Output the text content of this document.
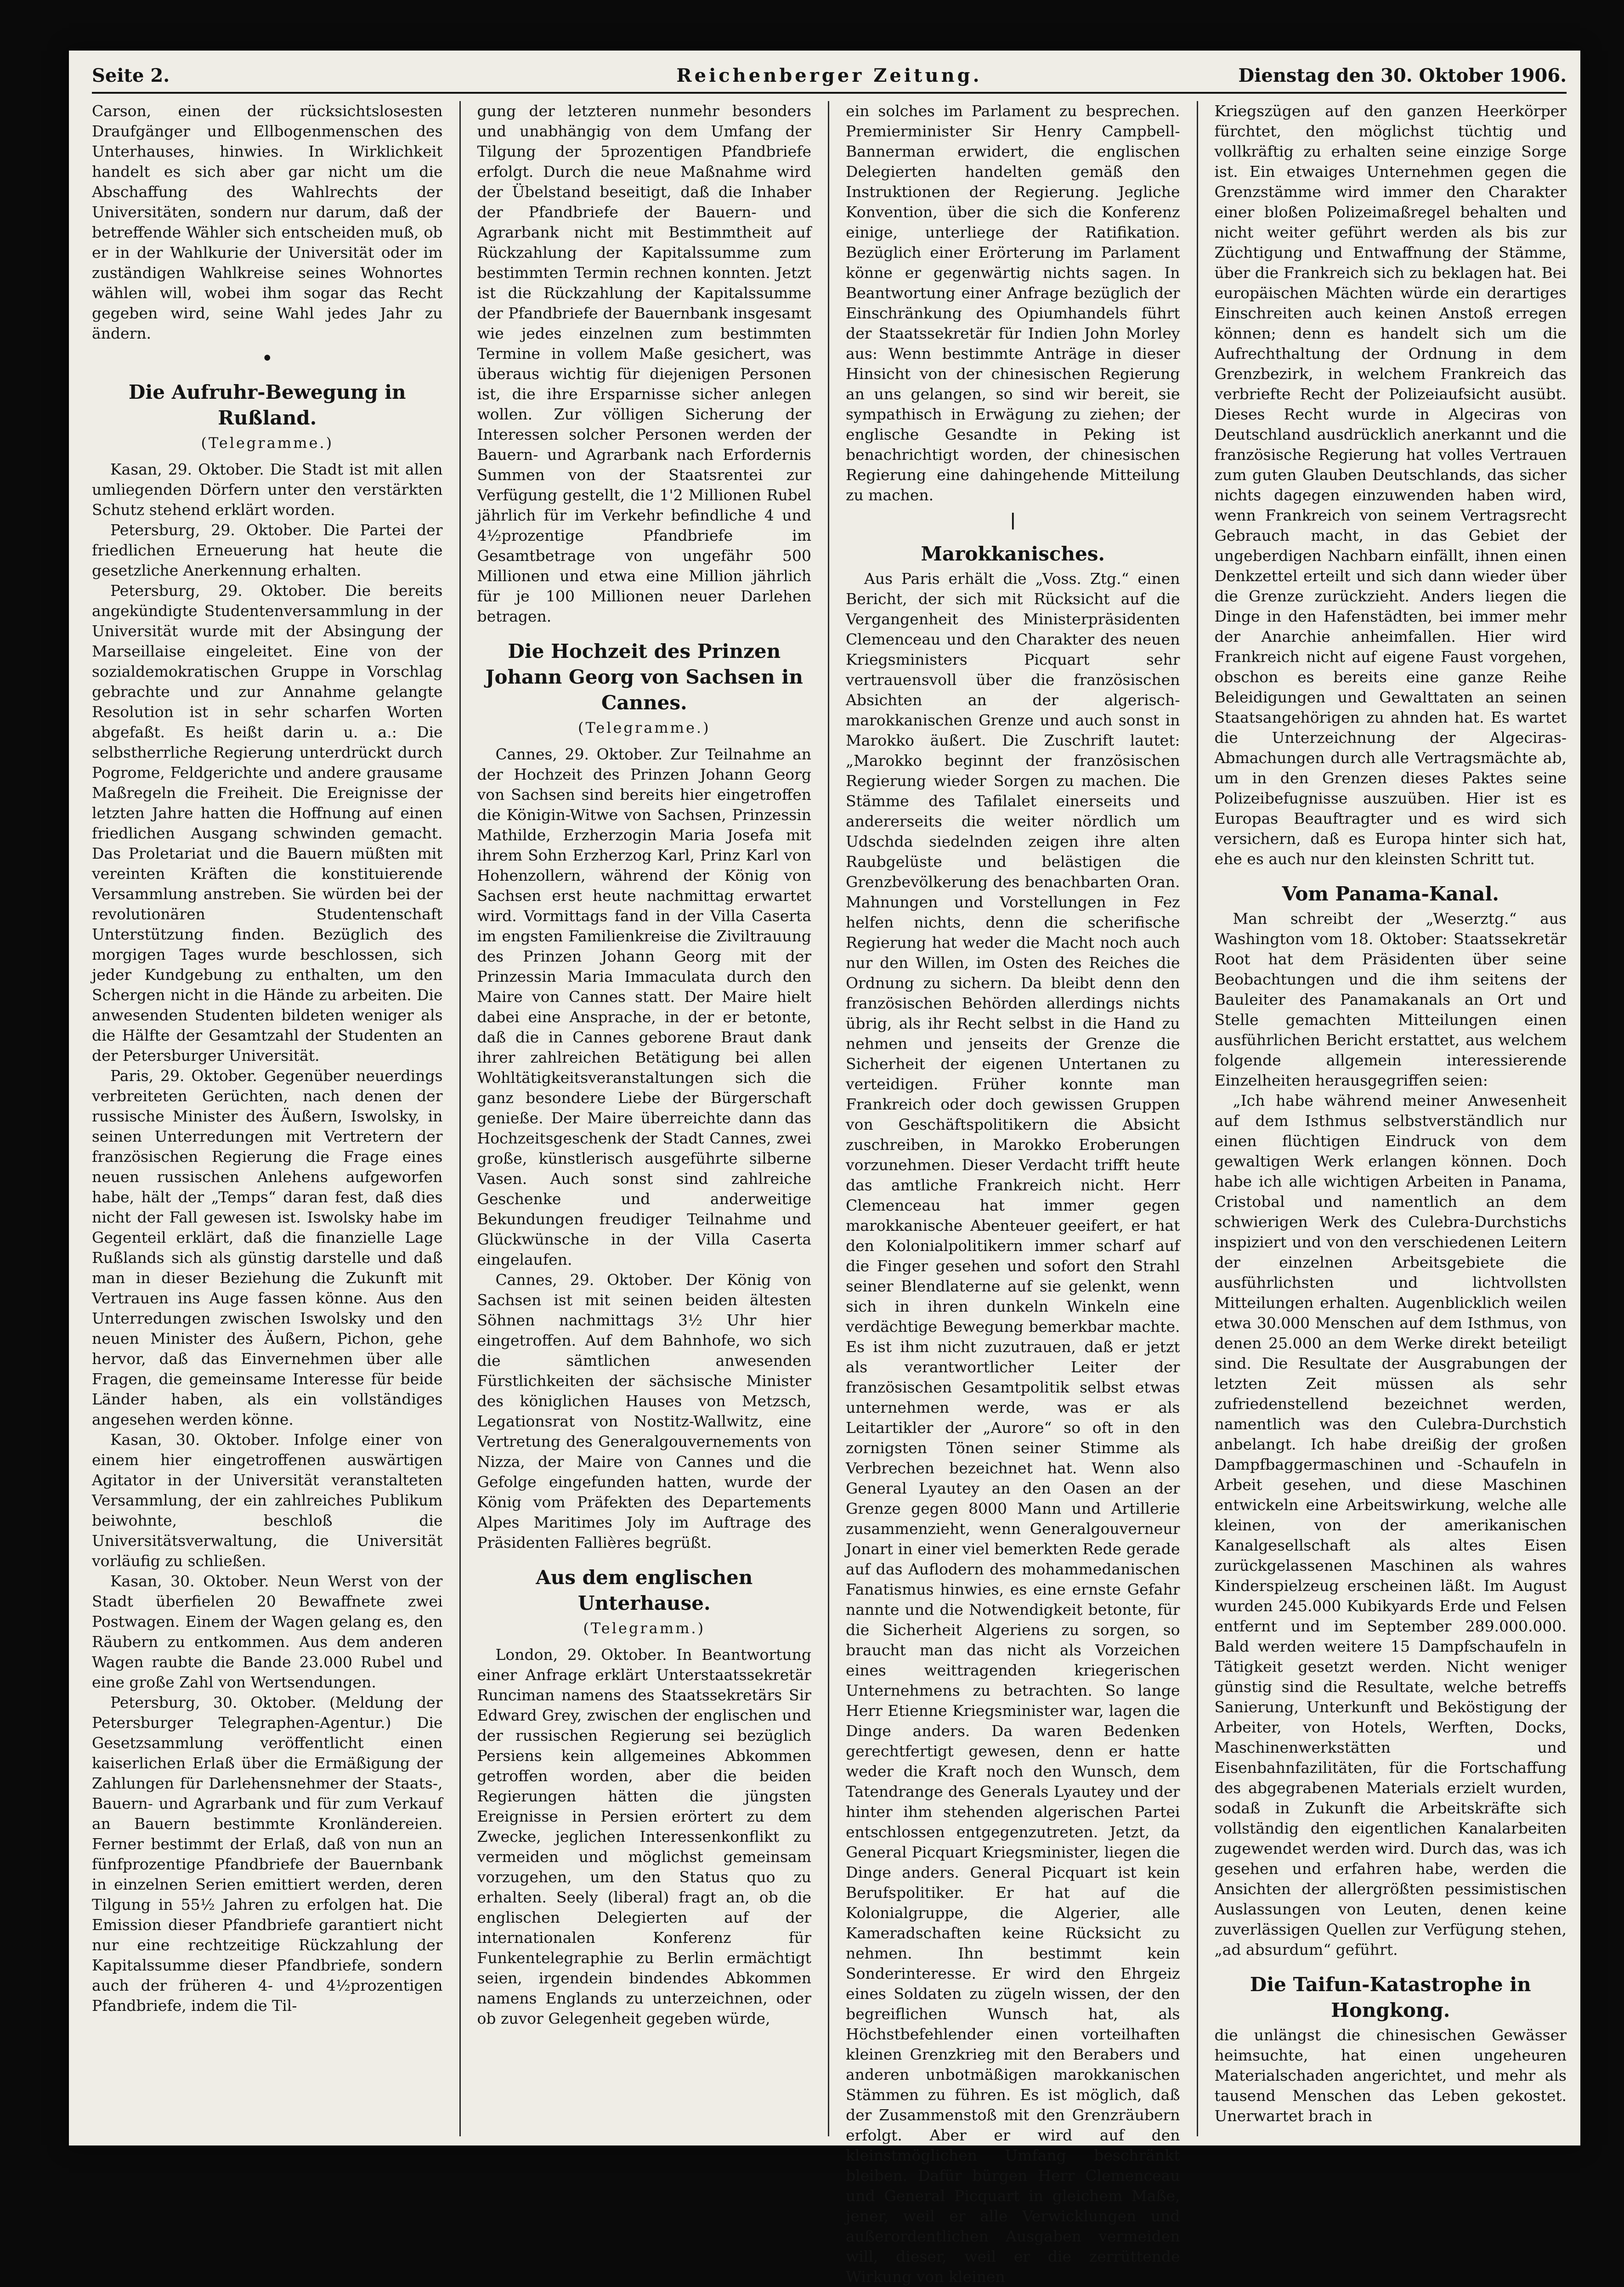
Seite 2.	Reichenberger Zeitung.	Dienstag den 30. Oktober 1906.

Carson, einen der rücksichtslosesten Draufgänger und Ellbogenmenschen des Unterhauses, hinwies. In Wirklichkeit handelt es sich aber gar nicht um die Abschaffung des Wahlrechts der Universitäten, sondern nur darum, daß der betreffende Wähler sich entscheiden muß, ob er in der Wahlkurie der Universität oder im zuständigen Wahlkreise seines Wohnortes wählen will, wobei ihm sogar das Recht gegeben wird, seine Wahl jedes Jahr zu ändern.

•
Die Aufruhr-Bewegung in Rußland.
(Telegramme.)

Kasan, 29. Oktober. Die Stadt ist mit allen umliegenden Dörfern unter den verstärkten Schutz stehend erklärt worden.

Petersburg, 29. Oktober. Die Partei der friedlichen Erneuerung hat heute die gesetzliche Anerkennung erhalten.

Petersburg, 29. Oktober. Die bereits angekündigte Studentenversammlung in der Universität wurde mit der Absingung der Marseillaise eingeleitet. Eine von der sozialdemokratischen Gruppe in Vorschlag gebrachte und zur Annahme gelangte Resolution ist in sehr scharfen Worten abgefaßt. Es heißt darin u. a.: Die selbstherrliche Regierung unterdrückt durch Pogrome, Feldgerichte und andere grausame Maßregeln die Freiheit. Die Ereignisse der letzten Jahre hatten die Hoffnung auf einen friedlichen Ausgang schwinden gemacht. Das Proletariat und die Bauern müßten mit vereinten Kräften die konstituierende Versammlung anstreben. Sie würden bei der revolutionären Studentenschaft Unterstützung finden. Bezüglich des morgigen Tages wurde beschlossen, sich jeder Kundgebung zu enthalten, um den Schergen nicht in die Hände zu arbeiten. Die anwesenden Studenten bildeten weniger als die Hälfte der Gesamtzahl der Studenten an der Petersburger Universität.

Paris, 29. Oktober. Gegenüber neuerdings verbreiteten Gerüchten, nach denen der russische Minister des Äußern, Iswolsky, in seinen Unterredungen mit Vertretern der französischen Regierung die Frage eines neuen russischen Anlehens aufgeworfen habe, hält der „Temps“ daran fest, daß dies nicht der Fall gewesen ist. Iswolsky habe im Gegenteil erklärt, daß die finanzielle Lage Rußlands sich als günstig darstelle und daß man in dieser Beziehung die Zukunft mit Vertrauen ins Auge fassen könne. Aus den Unterredungen zwischen Iswolsky und den neuen Minister des Äußern, Pichon, gehe hervor, daß das Einvernehmen über alle Fragen, die gemeinsame Interesse für beide Länder haben, als ein vollständiges angesehen werden könne.

Kasan, 30. Oktober. Infolge einer von einem hier eingetroffenen auswärtigen Agitator in der Universität veranstalteten Versammlung, der ein zahlreiches Publikum beiwohnte, beschloß die Universitätsverwaltung, die Universität vorläufig zu schließen.

Kasan, 30. Oktober. Neun Werst von der Stadt überfielen 20 Bewaffnete zwei Postwagen. Einem der Wagen gelang es, den Räubern zu entkommen. Aus dem anderen Wagen raubte die Bande 23.000 Rubel und eine große Zahl von Wertsendungen.

Petersburg, 30. Oktober. (Meldung der Petersburger Telegraphen-Agentur.) Die Gesetzsammlung veröffentlicht einen kaiserlichen Erlaß über die Ermäßigung der Zahlungen für Darlehensnehmer der Staats-, Bauern- und Agrarbank und für zum Verkauf an Bauern bestimmte Kronländereien. Ferner bestimmt der Erlaß, daß von nun an fünfprozentige Pfandbriefe der Bauernbank in einzelnen Serien emittiert werden, deren Tilgung in 55½ Jahren zu erfolgen hat. Die Emission dieser Pfandbriefe garantiert nicht nur eine rechtzeitige Rückzahlung der Kapitalssumme dieser Pfandbriefe, sondern auch der früheren 4- und 4½prozentigen Pfandbriefe, indem die Til-

gung der letzteren nunmehr besonders und unabhängig von dem Umfang der Tilgung der 5prozentigen Pfandbriefe erfolgt. Durch die neue Maßnahme wird der Übelstand beseitigt, daß die Inhaber der Pfandbriefe der Bauern- und Agrarbank nicht mit Bestimmtheit auf Rückzahlung der Kapitalssumme zum bestimmten Termin rechnen konnten. Jetzt ist die Rückzahlung der Kapitalssumme der Pfandbriefe der Bauernbank insgesamt wie jedes einzelnen zum bestimmten Termine in vollem Maße gesichert, was überaus wichtig für diejenigen Personen ist, die ihre Ersparnisse sicher anlegen wollen. Zur völligen Sicherung der Interessen solcher Personen werden der Bauern- und Agrarbank nach Erfordernis Summen von der Staatsrentei zur Verfügung gestellt, die 1'2 Millionen Rubel jährlich für im Verkehr befindliche 4 und 4½prozentige Pfandbriefe im Gesamtbetrage von ungefähr 500 Millionen und etwa eine Million jährlich für je 100 Millionen neuer Darlehen betragen.

Die Hochzeit des Prinzen Johann Georg von Sachsen in Cannes.
(Telegramme.)

Cannes, 29. Oktober. Zur Teilnahme an der Hochzeit des Prinzen Johann Georg von Sachsen sind bereits hier eingetroffen die Königin-Witwe von Sachsen, Prinzessin Mathilde, Erzherzogin Maria Josefa mit ihrem Sohn Erzherzog Karl, Prinz Karl von Hohenzollern, während der König von Sachsen erst heute nachmittag erwartet wird. Vormittags fand in der Villa Caserta im engsten Familienkreise die Ziviltrauung des Prinzen Johann Georg mit der Prinzessin Maria Immaculata durch den Maire von Cannes statt. Der Maire hielt dabei eine Ansprache, in der er betonte, daß die in Cannes geborene Braut dank ihrer zahlreichen Betätigung bei allen Wohltätigkeitsveranstaltungen sich die ganz besondere Liebe der Bürgerschaft genieße. Der Maire überreichte dann das Hochzeitsgeschenk der Stadt Cannes, zwei große, künstlerisch ausgeführte silberne Vasen. Auch sonst sind zahlreiche Geschenke und anderweitige Bekundungen freudiger Teilnahme und Glückwünsche in der Villa Caserta eingelaufen.

Cannes, 29. Oktober. Der König von Sachsen ist mit seinen beiden ältesten Söhnen nachmittags 3½ Uhr hier eingetroffen. Auf dem Bahnhofe, wo sich die sämtlichen anwesenden Fürstlichkeiten der sächsische Minister des königlichen Hauses von Metzsch, Legationsrat von Nostitz-Wallwitz, eine Vertretung des Generalgouvernements von Nizza, der Maire von Cannes und die Gefolge eingefunden hatten, wurde der König vom Präfekten des Departements Alpes Maritimes Joly im Auftrage des Präsidenten Fallières begrüßt.

Aus dem englischen Unterhause.
(Telegramm.)

London, 29. Oktober. In Beantwortung einer Anfrage erklärt Unterstaatssekretär Runciman namens des Staatssekretärs Sir Edward Grey, zwischen der englischen und der russischen Regierung sei bezüglich Persiens kein allgemeines Abkommen getroffen worden, aber die beiden Regierungen hätten die jüngsten Ereignisse in Persien erörtert zu dem Zwecke, jeglichen Interessenkonflikt zu vermeiden und möglichst gemeinsam vorzugehen, um den Status quo zu erhalten. Seely (liberal) fragt an, ob die englischen Delegierten auf der internationalen Konferenz für Funkentelegraphie zu Berlin ermächtigt seien, irgendein bindendes Abkommen namens Englands zu unterzeichnen, oder ob zuvor Gelegenheit gegeben würde,

ein solches im Parlament zu besprechen. Premierminister Sir Henry Campbell-Bannerman erwidert, die englischen Delegierten handelten gemäß den Instruktionen der Regierung. Jegliche Konvention, über die sich die Konferenz einige, unterliege der Ratifikation. Bezüglich einer Erörterung im Parlament könne er gegenwärtig nichts sagen. In Beantwortung einer Anfrage bezüglich der Einschränkung des Opiumhandels führt der Staatssekretär für Indien John Morley aus: Wenn bestimmte Anträge in dieser Hinsicht von der chinesischen Regierung an uns gelangen, so sind wir bereit, sie sympathisch in Erwägung zu ziehen; der englische Gesandte in Peking ist benachrichtigt worden, der chinesischen Regierung eine dahingehende Mitteilung zu machen.

|
Marokkanisches.

Aus Paris erhält die „Voss. Ztg.“ einen Bericht, der sich mit Rücksicht auf die Vergangenheit des Ministerpräsidenten Clemenceau und den Charakter des neuen Kriegsministers Picquart sehr vertrauensvoll über die französischen Absichten an der algerisch-marokkanischen Grenze und auch sonst in Marokko äußert. Die Zuschrift lautet: „Marokko beginnt der französischen Regierung wieder Sorgen zu machen. Die Stämme des Tafilalet einerseits und andererseits die weiter nördlich um Udschda siedelnden zeigen ihre alten Raubgelüste und belästigen die Grenzbevölkerung des benachbarten Oran. Mahnungen und Vorstellungen in Fez helfen nichts, denn die scherifische Regierung hat weder die Macht noch auch nur den Willen, im Osten des Reiches die Ordnung zu sichern. Da bleibt denn den französischen Behörden allerdings nichts übrig, als ihr Recht selbst in die Hand zu nehmen und jenseits der Grenze die Sicherheit der eigenen Untertanen zu verteidigen. Früher konnte man Frankreich oder doch gewissen Gruppen von Geschäftspolitikern die Absicht zuschreiben, in Marokko Eroberungen vorzunehmen. Dieser Verdacht trifft heute das amtliche Frankreich nicht. Herr Clemenceau hat immer gegen marokkanische Abenteuer geeifert, er hat den Kolonialpolitikern immer scharf auf die Finger gesehen und sofort den Strahl seiner Blendlaterne auf sie gelenkt, wenn sich in ihren dunkeln Winkeln eine verdächtige Bewegung bemerkbar machte. Es ist ihm nicht zuzutrauen, daß er jetzt als verantwortlicher Leiter der französischen Gesamtpolitik selbst etwas unternehmen werde, was er als Leitartikler der „Aurore“ so oft in den zornigsten Tönen seiner Stimme als Verbrechen bezeichnet hat. Wenn also General Lyautey an den Oasen an der Grenze gegen 8000 Mann und Artillerie zusammenzieht, wenn Generalgouverneur Jonart in einer viel bemerkten Rede gerade auf das Auflodern des mohammedanischen Fanatismus hinwies, es eine ernste Gefahr nannte und die Notwendigkeit betonte, für die Sicherheit Algeriens zu sorgen, so braucht man das nicht als Vorzeichen eines weittragenden kriegerischen Unternehmens zu betrachten. So lange Herr Etienne Kriegsminister war, lagen die Dinge anders. Da waren Bedenken gerechtfertigt gewesen, denn er hatte weder die Kraft noch den Wunsch, dem Tatendrange des Generals Lyautey und der hinter ihm stehenden algerischen Partei entschlossen entgegenzutreten. Jetzt, da General Picquart Kriegsminister, liegen die Dinge anders. General Picquart ist kein Berufspolitiker. Er hat auf die Kolonialgruppe, die Algerier, alle Kameradschaften keine Rücksicht zu nehmen. Ihn bestimmt kein Sonderinteresse. Er wird den Ehrgeiz eines Soldaten zu zügeln wissen, der den begreiflichen Wunsch hat, als Höchstbefehlender einen vorteilhaften kleinen Grenzkrieg mit den Berabers und anderen unbotmäßigen marokkanischen Stämmen zu führen. Es ist möglich, daß der Zusammenstoß mit den Grenzräubern erfolgt. Aber er wird auf den kleinstmöglichen Umfang beschränkt bleiben. Dafür bürgen Herr Clemenceau und General Picquart in gleichem Maße, jener, weil er alle Verwicklungen und außerordentlichen Ausgaben vermeiden will, dieser, weil er die zerrüttende Wirkung von kleinen

Kriegszügen auf den ganzen Heerkörper fürchtet, den möglichst tüchtig und vollkräftig zu erhalten seine einzige Sorge ist. Ein etwaiges Unternehmen gegen die Grenzstämme wird immer den Charakter einer bloßen Polizeimaßregel behalten und nicht weiter geführt werden als bis zur Züchtigung und Entwaffnung der Stämme, über die Frankreich sich zu beklagen hat. Bei europäischen Mächten würde ein derartiges Einschreiten auch keinen Anstoß erregen können; denn es handelt sich um die Aufrechthaltung der Ordnung in dem Grenzbezirk, in welchem Frankreich das verbriefte Recht der Polizeiaufsicht ausübt. Dieses Recht wurde in Algeciras von Deutschland ausdrücklich anerkannt und die französische Regierung hat volles Vertrauen zum guten Glauben Deutschlands, das sicher nichts dagegen einzuwenden haben wird, wenn Frankreich von seinem Vertragsrecht Gebrauch macht, in das Gebiet der ungeberdigen Nachbarn einfällt, ihnen einen Denkzettel erteilt und sich dann wieder über die Grenze zurückzieht. Anders liegen die Dinge in den Hafenstädten, bei immer mehr der Anarchie anheimfallen. Hier wird Frankreich nicht auf eigene Faust vorgehen, obschon es bereits eine ganze Reihe Beleidigungen und Gewalttaten an seinen Staatsangehörigen zu ahnden hat. Es wartet die Unterzeichnung der Algeciras-Abmachungen durch alle Vertragsmächte ab, um in den Grenzen dieses Paktes seine Polizeibefugnisse auszuüben. Hier ist es Europas Beauftragter und es wird sich versichern, daß es Europa hinter sich hat, ehe es auch nur den kleinsten Schritt tut.

Vom Panama-Kanal.

Man schreibt der „Weserztg.“ aus Washington vom 18. Oktober: Staatssekretär Root hat dem Präsidenten über seine Beobachtungen und die ihm seitens der Bauleiter des Panamakanals an Ort und Stelle gemachten Mitteilungen einen ausführlichen Bericht erstattet, aus welchem folgende allgemein interessierende Einzelheiten herausgegriffen seien:

„Ich habe während meiner Anwesenheit auf dem Isthmus selbstverständlich nur einen flüchtigen Eindruck von dem gewaltigen Werk erlangen können. Doch habe ich alle wichtigen Arbeiten in Panama, Cristobal und namentlich an dem schwierigen Werk des Culebra-Durchstichs inspiziert und von den verschiedenen Leitern der einzelnen Arbeitsgebiete die ausführlichsten und lichtvollsten Mitteilungen erhalten. Augenblicklich weilen etwa 30.000 Menschen auf dem Isthmus, von denen 25.000 an dem Werke direkt beteiligt sind. Die Resultate der Ausgrabungen der letzten Zeit müssen als sehr zufriedenstellend bezeichnet werden, namentlich was den Culebra-Durchstich anbelangt. Ich habe dreißig der großen Dampfbaggermaschinen und -Schaufeln in Arbeit gesehen, und diese Maschinen entwickeln eine Arbeitswirkung, welche alle kleinen, von der amerikanischen Kanalgesellschaft als altes Eisen zurückgelassenen Maschinen als wahres Kinderspielzeug erscheinen läßt. Im August wurden 245.000 Kubikyards Erde und Felsen entfernt und im September 289.000.000. Bald werden weitere 15 Dampfschaufeln in Tätigkeit gesetzt werden. Nicht weniger günstig sind die Resultate, welche betreffs Sanierung, Unterkunft und Beköstigung der Arbeiter, von Hotels, Werften, Docks, Maschinenwerkstätten und Eisenbahnfazilitäten, für die Fortschaffung des abgegrabenen Materials erzielt wurden, sodaß in Zukunft die Arbeitskräfte sich vollständig den eigentlichen Kanalarbeiten zugewendet werden wird. Durch das, was ich gesehen und erfahren habe, werden die Ansichten der allergrößten pessimistischen Auslassungen von Leuten, denen keine zuverlässigen Quellen zur Verfügung stehen, „ad absurdum“ geführt.

Die Taifun-Katastrophe in Hongkong.

die unlängst die chinesischen Gewässer heimsuchte, hat einen ungeheuren Materialschaden angerichtet, und mehr als tausend Menschen das Leben gekostet. Unerwartet brach in
